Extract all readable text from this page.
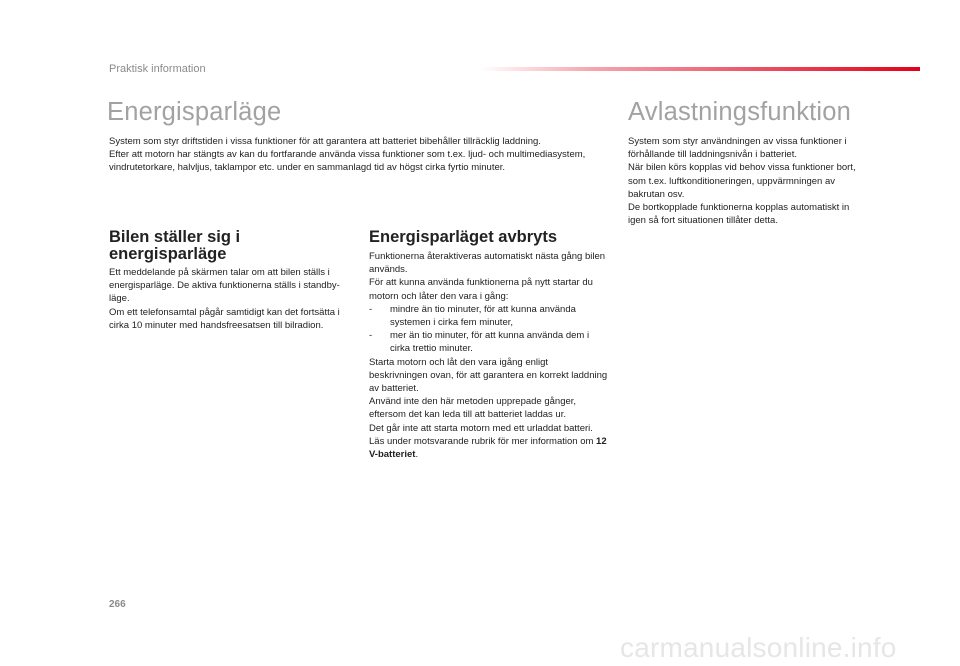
Praktisk information
Energisparläge	Avlastningsfunktion

System som styr driftstiden i vissa funktioner för att garantera att batteriet bibehåller tillräcklig laddning.

Efter att motorn har stängts av kan du fortfarande använda vissa funktioner som t.ex. ljud- och multimediasystem, vindrutetorkare, halvljus, taklampor etc. under en sammanlagd tid av högst cirka fyrtio minuter.

Bilen ställer sig i energisparläge

Ett meddelande på skärmen talar om att bilen ställs i energisparläge. De aktiva funktionerna ställs i standby-läge.

Om ett telefonsamtal pågår samtidigt kan det fortsätta i cirka 10 minuter med handsfreesatsen till bilradion.

Energisparläget avbryts

Funktionerna återaktiveras automatiskt nästa gång bilen används.

För att kunna använda funktionerna på nytt startar du motorn och låter den vara i gång:

-	mindre än tio minuter, för att kunna använda systemen i cirka fem minuter,
-	mer än tio minuter, för att kunna använda dem i cirka trettio minuter.

Starta motorn och låt den vara igång enligt beskrivningen ovan, för att garantera en korrekt laddning av batteriet.

Använd inte den här metoden upprepade gånger, eftersom det kan leda till att batteriet laddas ur.

Det går inte att starta motorn med ett urladdat batteri.

Läs under motsvarande rubrik för mer information om 12 V-batteriet.

System som styr användningen av vissa funktioner i förhållande till laddningsnivån i batteriet.

När bilen körs kopplas vid behov vissa funktioner bort, som t.ex. luftkonditioneringen, uppvärmningen av bakrutan osv.

De bortkopplade funktionerna kopplas automatiskt in igen så fort situationen tillåter detta.

266
carmanualsonline.info
